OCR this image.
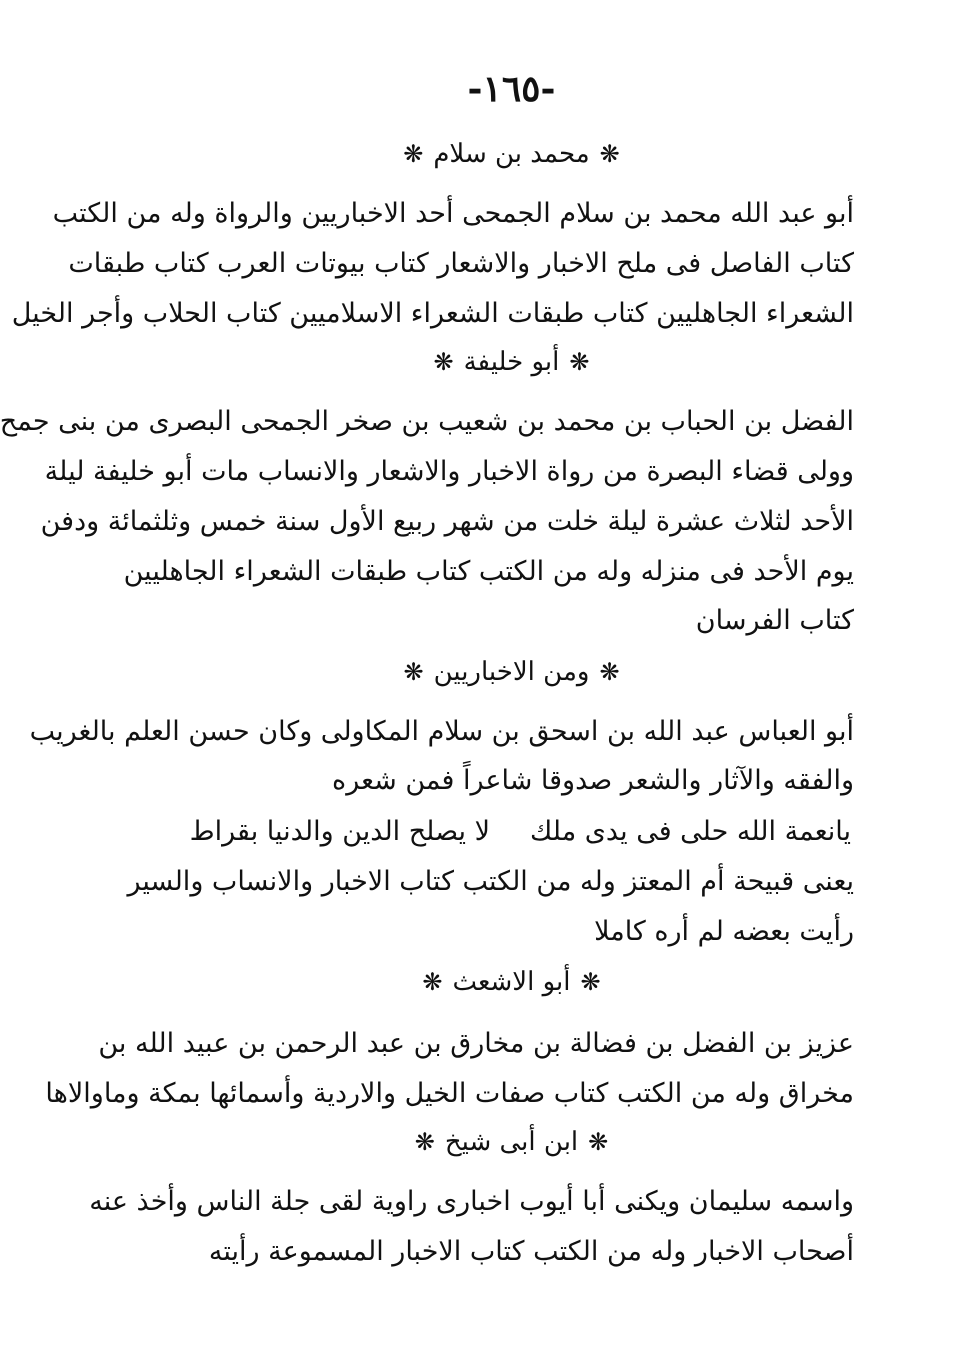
-١٦٥-
❋محمد بن سلام❋
أبو عبد الله محمد بن سلام الجمحى أحد الاخباريين والرواة وله من الكتب
كتاب الفاصل فى ملح الاخبار والاشعار كتاب بيوتات العرب كتاب طبقات
الشعراء الجاهليين كتاب طبقات الشعراء الاسلاميين كتاب الحلاب وأجر الخيل
❋أبو خليفة❋
الفضل بن الحباب بن محمد بن شعيب بن صخر الجمحى البصرى من بنى جمح
وولى قضاء البصرة من رواة الاخبار والاشعار والانساب مات أبو خليفة ليلة
الأحد لثلاث عشرة ليلة خلت من شهر ربيع الأول سنة خمس وثلثمائة ودفن
يوم الأحد فى منزله وله من الكتب كتاب طبقات الشعراء الجاهليين
كتاب الفرسان
❋ومن الاخباريين❋
أبو العباس عبد الله بن اسحق بن سلام المكاولى وكان حسن العلم بالغريب
والفقه والآثار والشعر صدوقا شاعراً فمن شعره
يانعمة الله حلى فى يدى ملكلا يصلح الدين والدنيا بقراط
يعنى قبيحة أم المعتز وله من الكتب كتاب الاخبار والانساب والسير
رأيت بعضه لم أره كاملا
❋أبو الاشعث❋
عزيز بن الفضل بن فضالة بن مخارق بن عبد الرحمن بن عبيد الله بن
مخراق وله من الكتب كتاب صفات الخيل والاردية وأسمائها بمكة وماوالاها
❋ابن أبى شيخ❋
واسمه سليمان ويكنى أبا أيوب اخبارى راوية لقى جلة الناس وأخذ عنه
أصحاب الاخبار وله من الكتب كتاب الاخبار المسموعة رأيته
